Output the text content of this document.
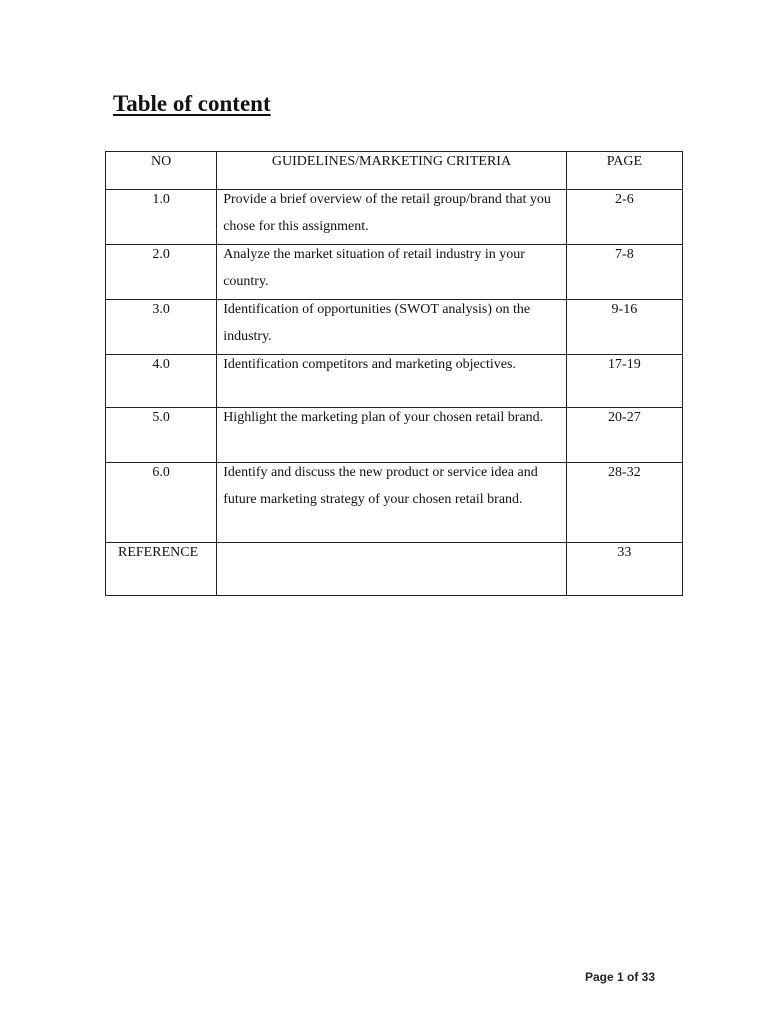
Table of content
NO	GUIDELINES/MARKETING CRITERIA	PAGE
1.0	Provide a brief overview of the retail group/brand that you chose for this assignment.	2-6
2.0	Analyze the market situation of retail industry in your country.	7-8
3.0	Identification of opportunities (SWOT analysis) on the industry.	9-16
4.0	Identification competitors and marketing objectives.	17-19
5.0	Highlight the marketing plan of your chosen retail brand.	20-27
6.0	Identify and discuss the new product or service idea and future marketing strategy of your chosen retail brand.	28-32
REFERENCE		33
Page 1 of 33
